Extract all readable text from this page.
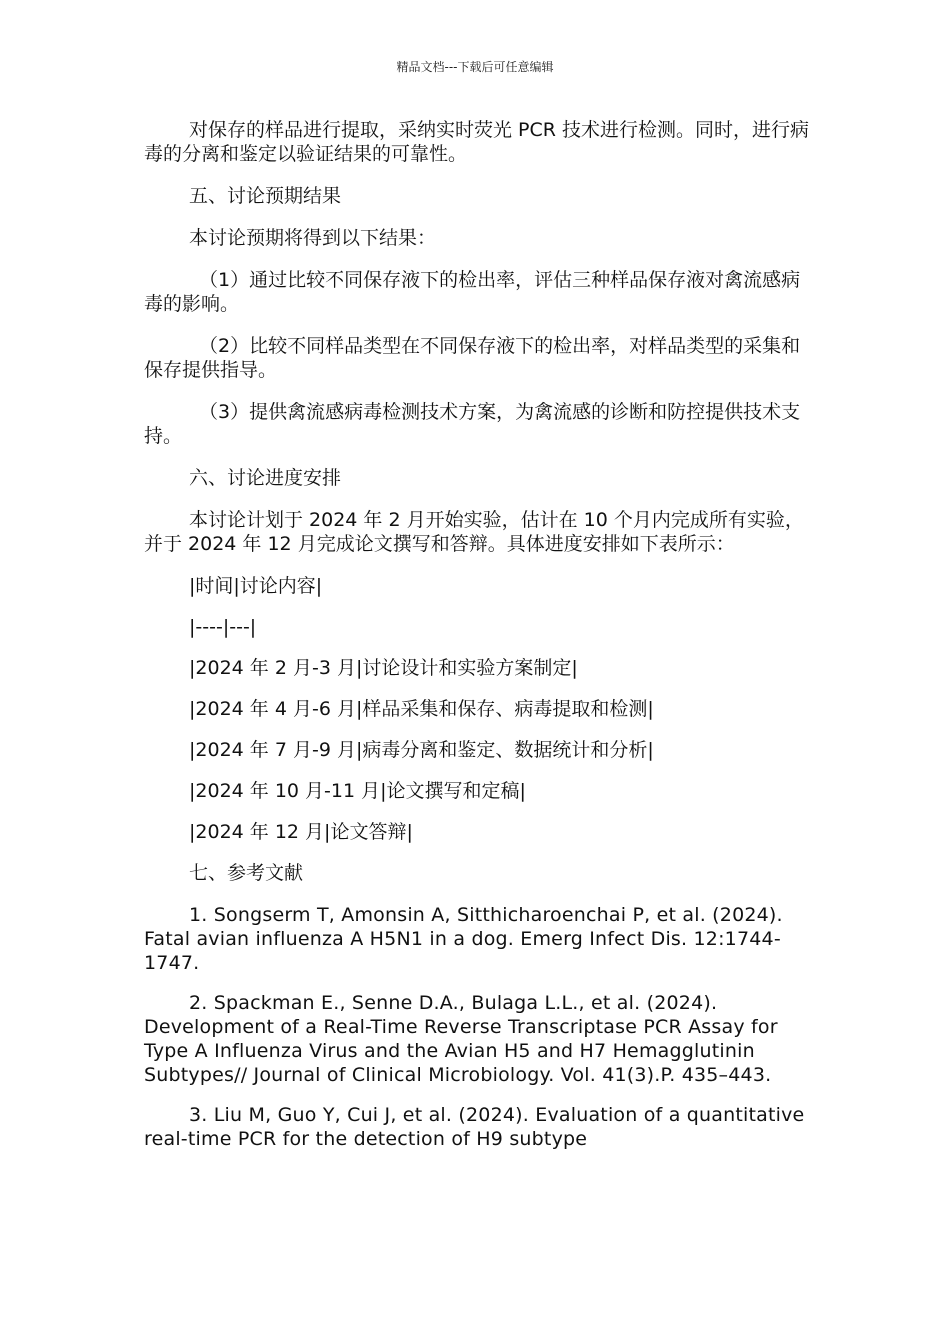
精品文档---下载后可任意编辑

对保存的样品进行提取，采纳实时荧光 PCR 技术进行检测。同时，进行病毒的分离和鉴定以验证结果的可靠性。

五、讨论预期结果

本讨论预期将得到以下结果：

（1）通过比较不同保存液下的检出率，评估三种样品保存液对禽流感病毒的影响。

（2）比较不同样品类型在不同保存液下的检出率，对样品类型的采集和保存提供指导。

（3）提供禽流感病毒检测技术方案，为禽流感的诊断和防控提供技术支持。

六、讨论进度安排

本讨论计划于 2024 年 2 月开始实验，估计在 10 个月内完成所有实验，并于 2024 年 12 月完成论文撰写和答辩。具体进度安排如下表所示：

|时间|讨论内容|

|----|---|

|2024 年 2 月-3 月|讨论设计和实验方案制定|

|2024 年 4 月-6 月|样品采集和保存、病毒提取和检测|

|2024 年 7 月-9 月|病毒分离和鉴定、数据统计和分析|

|2024 年 10 月-11 月|论文撰写和定稿|

|2024 年 12 月|论文答辩|

七、参考文献

1. Songserm T, Amonsin A, Sitthicharoenchai P, et al. (2024). Fatal avian influenza A H5N1 in a dog. Emerg Infect Dis. 12:1744-1747.

2. Spackman E., Senne D.A., Bulaga L.L., et al. (2024). Development of a Real-Time Reverse Transcriptase PCR Assay for Type A Influenza Virus and the Avian H5 and H7 Hemagglutinin Subtypes// Journal of Clinical Microbiology. Vol. 41(3).P. 435–443.

3. Liu M, Guo Y, Cui J, et al. (2024). Evaluation of a quantitative real-time PCR for the detection of H9 subtype
